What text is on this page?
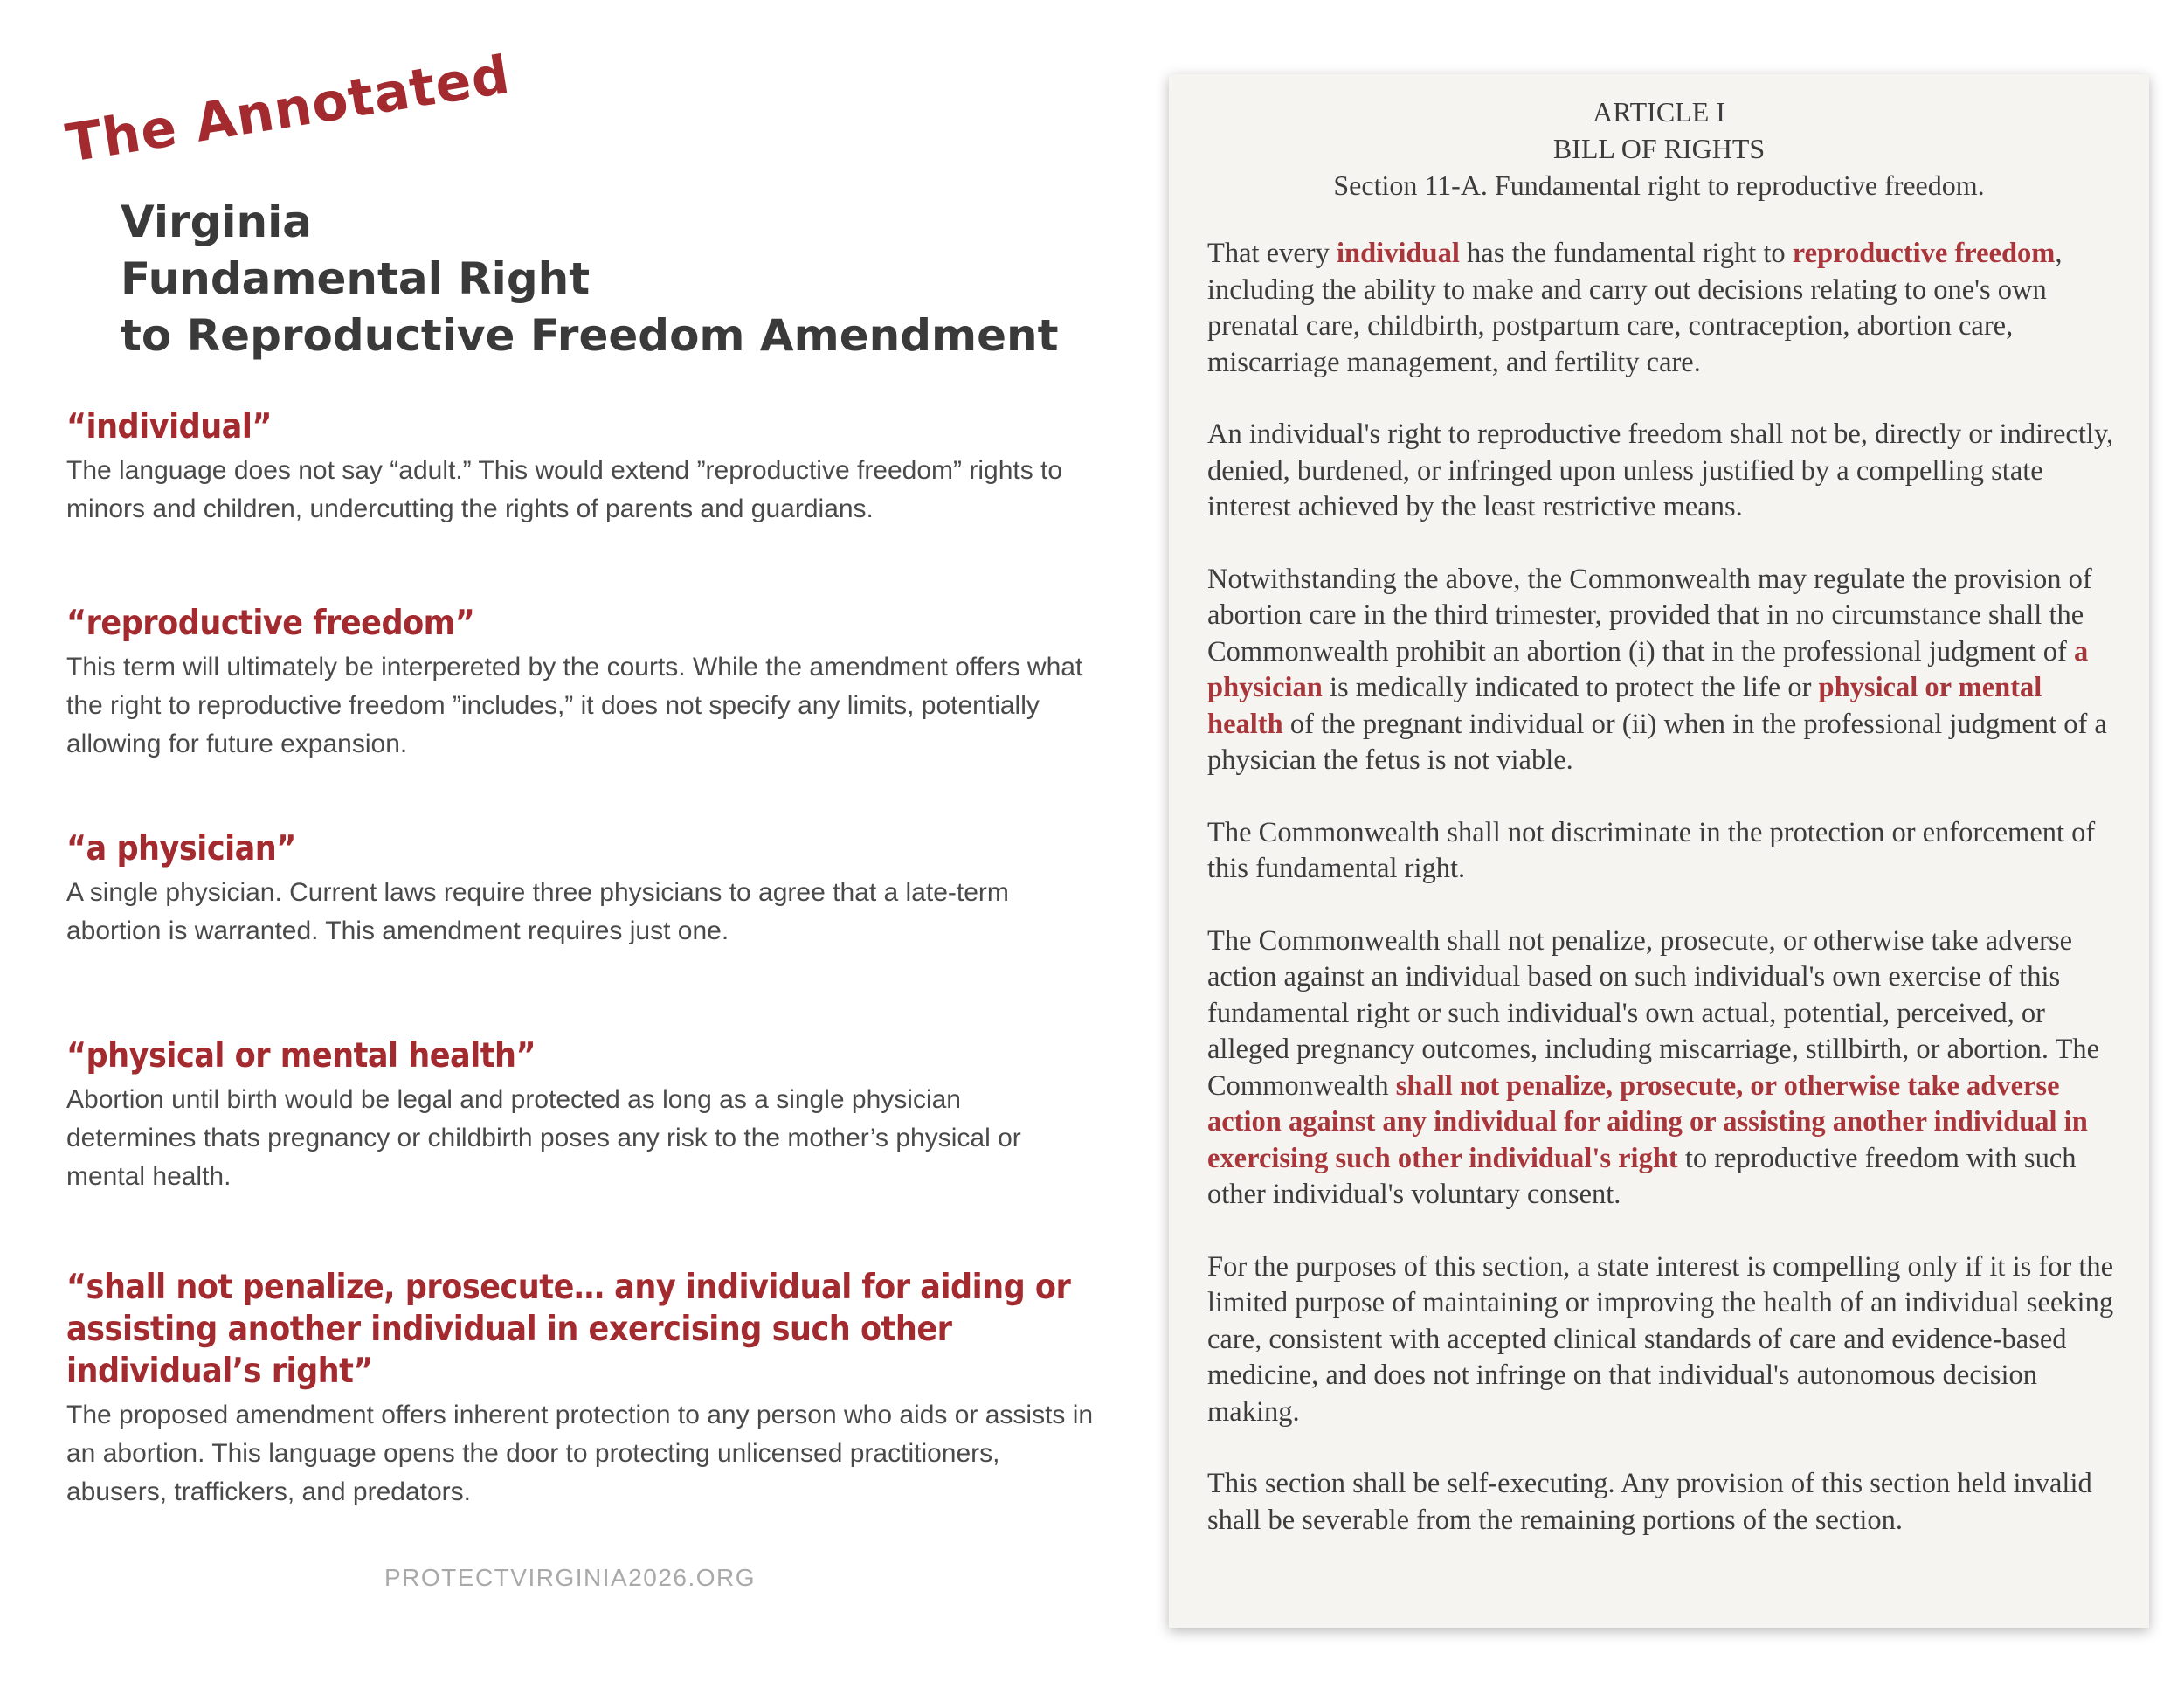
The Annotated
Virginia
Fundamental Right
to Reproductive Freedom Amendment
“individual”
The language does not say “adult.” This would extend ”reproductive freedom” rights to minors and children, undercutting the rights of parents and guardians.
“reproductive freedom”
This term will ultimately be interpereted by the courts. While the amendment offers what the right to reproductive freedom ”includes,” it does not specify any limits, potentially allowing for future expansion.
“a physician”
A single physician. Current laws require three physicians to agree that a late-term abortion is warranted. This amendment requires just one.
“physical or mental health”
Abortion until birth would be legal and protected as long as a single physician determines thats pregnancy or childbirth poses any risk to the mother’s physical or mental health.
“shall not penalize, prosecute… any individual for aiding or assisting another individual in exercising such other individual’s right”
The proposed amendment offers inherent protection to any person who aids or assists in an abortion. This language opens the door to protecting unlicensed practitioners, abusers, traffickers, and predators.
PROTECTVIRGINIA2026.ORG
ARTICLE I
BILL OF RIGHTS
Section 11-A. Fundamental right to reproductive freedom.

That every individual has the fundamental right to reproductive freedom, including the ability to make and carry out decisions relating to one's own prenatal care, childbirth, postpartum care, contraception, abortion care, miscarriage management, and fertility care.

An individual's right to reproductive freedom shall not be, directly or indirectly, denied, burdened, or infringed upon unless justified by a compelling state interest achieved by the least restrictive means.

Notwithstanding the above, the Commonwealth may regulate the provision of abortion care in the third trimester, provided that in no circumstance shall the Commonwealth prohibit an abortion (i) that in the professional judgment of a physician is medically indicated to protect the life or physical or mental health of the pregnant individual or (ii) when in the professional judgment of a physician the fetus is not viable.

The Commonwealth shall not discriminate in the protection or enforcement of this fundamental right.

The Commonwealth shall not penalize, prosecute, or otherwise take adverse action against an individual based on such individual's own exercise of this fundamental right or such individual's own actual, potential, perceived, or alleged pregnancy outcomes, including miscarriage, stillbirth, or abortion. The Commonwealth shall not penalize, prosecute, or otherwise take adverse action against any individual for aiding or assisting another individual in exercising such other individual's right to reproductive freedom with such other individual's voluntary consent.

For the purposes of this section, a state interest is compelling only if it is for the limited purpose of maintaining or improving the health of an individual seeking care, consistent with accepted clinical standards of care and evidence-based medicine, and does not infringe on that individual's autonomous decision making.

This section shall be self-executing. Any provision of this section held invalid shall be severable from the remaining portions of the section.
